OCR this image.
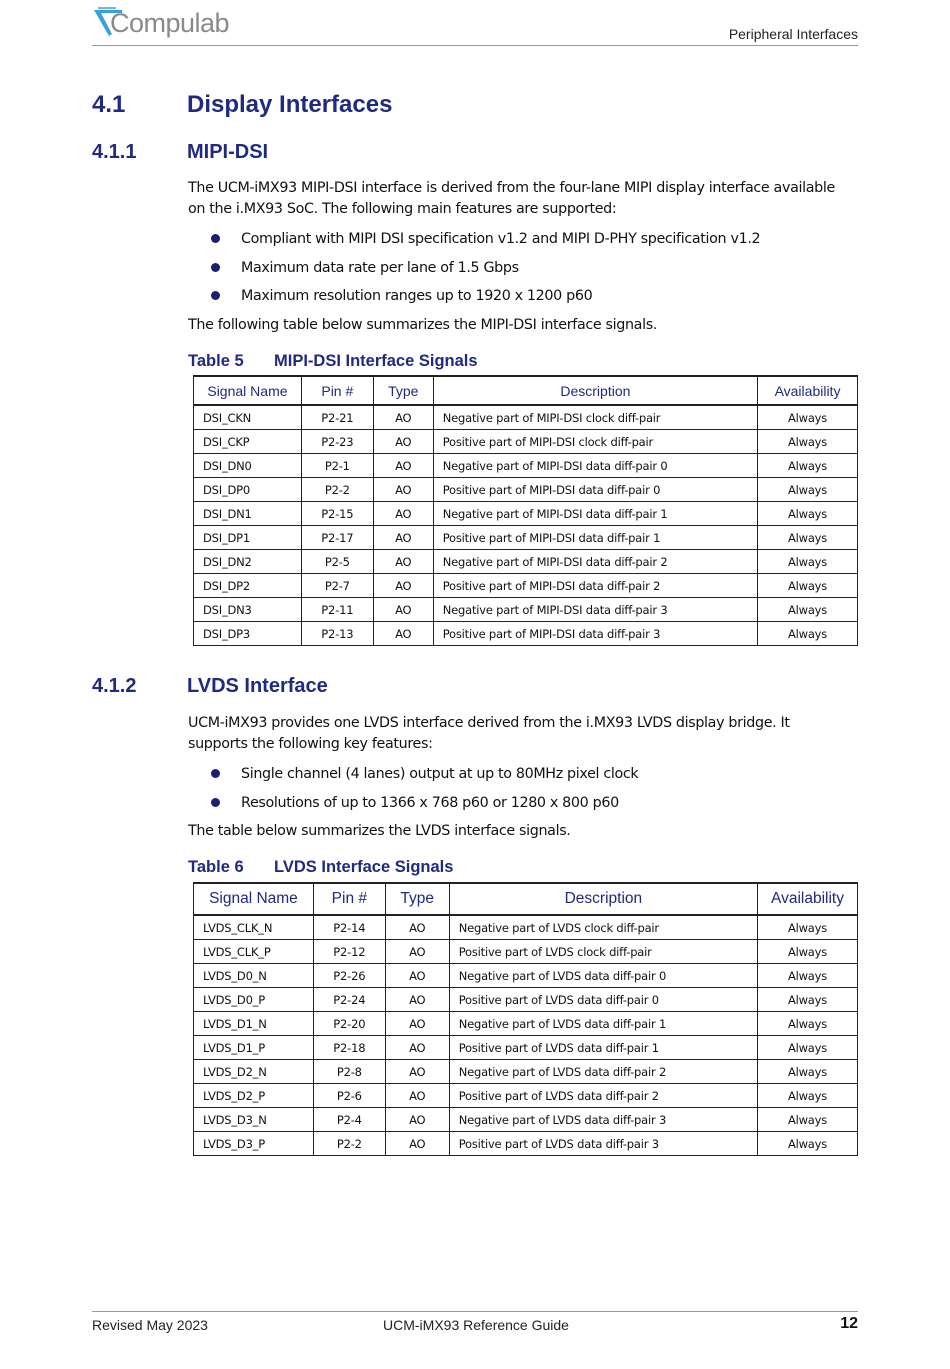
Compulab	Peripheral Interfaces
4.1	Display Interfaces
4.1.1	MIPI-DSI
The UCM-iMX93 MIPI-DSI interface is derived from the four-lane MIPI display interface available
on the i.MX93 SoC. The following main features are supported:
Compliant with MIPI DSI specification v1.2 and MIPI D-PHY specification v1.2
Maximum data rate per lane of 1.5 Gbps
Maximum resolution ranges up to 1920 x 1200 p60
The following table below summarizes the MIPI-DSI interface signals.
Table 5 MIPI-DSI Interface Signals
Signal Name	Pin #	Type	Description	Availability
DSI_CKN	P2-21	AO	Negative part of MIPI-DSI clock diff-pair	Always
DSI_CKP	P2-23	AO	Positive part of MIPI-DSI clock diff-pair	Always
DSI_DN0	P2-1	AO	Negative part of MIPI-DSI data diff-pair 0	Always
DSI_DP0	P2-2	AO	Positive part of MIPI-DSI data diff-pair 0	Always
DSI_DN1	P2-15	AO	Negative part of MIPI-DSI data diff-pair 1	Always
DSI_DP1	P2-17	AO	Positive part of MIPI-DSI data diff-pair 1	Always
DSI_DN2	P2-5	AO	Negative part of MIPI-DSI data diff-pair 2	Always
DSI_DP2	P2-7	AO	Positive part of MIPI-DSI data diff-pair 2	Always
DSI_DN3	P2-11	AO	Negative part of MIPI-DSI data diff-pair 3	Always
DSI_DP3	P2-13	AO	Positive part of MIPI-DSI data diff-pair 3	Always
4.1.2	LVDS Interface
UCM-iMX93 provides one LVDS interface derived from the i.MX93 LVDS display bridge. It
supports the following key features:
Single channel (4 lanes) output at up to 80MHz pixel clock
Resolutions of up to 1366 x 768 p60 or 1280 x 800 p60
The table below summarizes the LVDS interface signals.
Table 6 LVDS Interface Signals
Signal Name	Pin #	Type	Description	Availability
LVDS_CLK_N	P2-14	AO	Negative part of LVDS clock diff-pair	Always
LVDS_CLK_P	P2-12	AO	Positive part of LVDS clock diff-pair	Always
LVDS_D0_N	P2-26	AO	Negative part of LVDS data diff-pair 0	Always
LVDS_D0_P	P2-24	AO	Positive part of LVDS data diff-pair 0	Always
LVDS_D1_N	P2-20	AO	Negative part of LVDS data diff-pair 1	Always
LVDS_D1_P	P2-18	AO	Positive part of LVDS data diff-pair 1	Always
LVDS_D2_N	P2-8	AO	Negative part of LVDS data diff-pair 2	Always
LVDS_D2_P	P2-6	AO	Positive part of LVDS data diff-pair 2	Always
LVDS_D3_N	P2-4	AO	Negative part of LVDS data diff-pair 3	Always
LVDS_D3_P	P2-2	AO	Positive part of LVDS data diff-pair 3	Always
Revised May 2023	UCM-iMX93 Reference Guide	12
